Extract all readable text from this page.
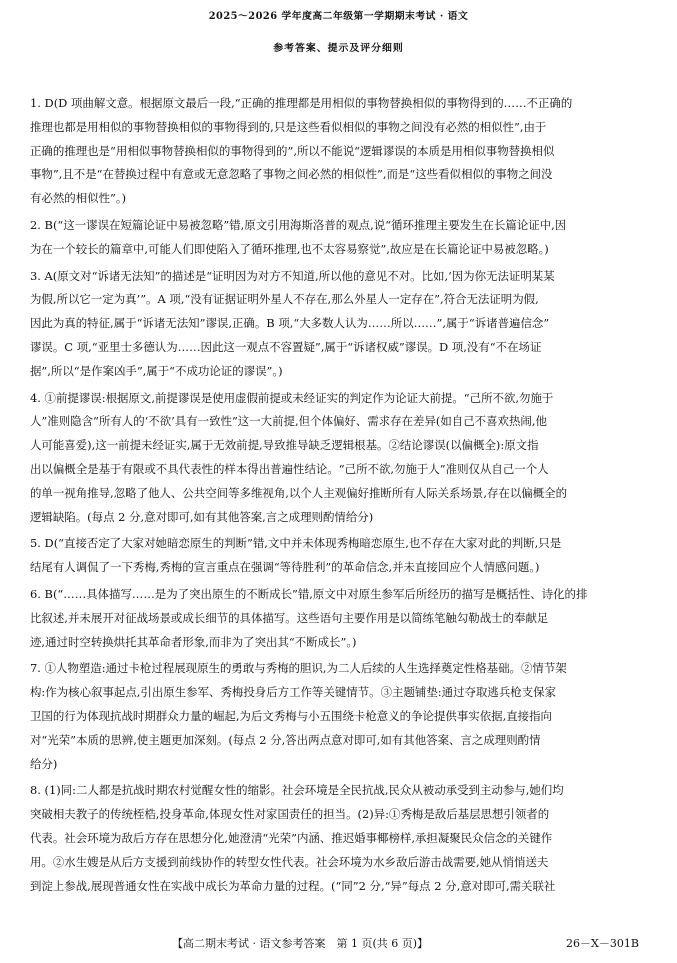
2025～2026 学年度高二年级第一学期期末考试 · 语文
参考答案、提示及评分细则
1. D(D 项曲解文意。根据原文最后一段,“正确的推理都是用相似的事物替换相似的事物得到的……不正确的
推理也都是用相似的事物替换相似的事物得到的,只是这些看似相似的事物之间没有必然的相似性”,由于
正确的推理也是“用相似事物替换相似的事物得到的”,所以不能说“逻辑谬误的本质是用相似事物替换相似
事物”,且不是“在替换过程中有意或无意忽略了事物之间必然的相似性”,而是“这些看似相似的事物之间没
有必然的相似性”。)
2. B(“这一谬误在短篇论证中易被忽略”错,原文引用海斯洛普的观点,说“循环推理主要发生在长篇论证中,因
为在一个较长的篇章中,可能人们即使陷入了循环推理,也不太容易察觉”,故应是在长篇论证中易被忽略。)
3. A(原文对“诉诸无法知”的描述是“证明因为对方不知道,所以他的意见不对。比如,‘因为你无法证明某某
为假,所以它一定为真’”。A 项,“没有证据证明外星人不存在,那么外星人一定存在”,符合无法证明为假,
因此为真的特征,属于“诉诸无法知”谬误,正确。B 项,“大多数人认为……所以……”,属于“诉诸普遍信念”
谬误。C 项,“亚里士多德认为……因此这一观点不容置疑”,属于“诉诸权威”谬误。D 项,没有“不在场证
据”,所以“是作案凶手”,属于“不成功论证的谬误”。)
4. ①前提谬误:根据原文,前提谬误是使用虚假前提或未经证实的判定作为论证大前提。“己所不欲,勿施于
人”准则隐含“所有人的‘不欲’具有一致性”这一大前提,但个体偏好、需求存在差异(如自己不喜欢热闹,他
人可能喜爱),这一前提未经证实,属于无效前提,导致推导缺乏逻辑根基。②结论谬误(以偏概全):原文指
出以偏概全是基于有限或不具代表性的样本得出普遍性结论。“己所不欲,勿施于人”准则仅从自己一个人
的单一视角推导,忽略了他人、公共空间等多维视角,以个人主观偏好推断所有人际关系场景,存在以偏概全的
逻辑缺陷。(每点 2 分,意对即可,如有其他答案,言之成理则酌情给分)
5. D(“直接否定了大家对她暗恋原生的判断”错,文中并未体现秀梅暗恋原生,也不存在大家对此的判断,只是
结尾有人调侃了一下秀梅,秀梅的宣言重点在强调“等待胜利”的革命信念,并未直接回应个人情感问题。)
6. B(“……具体描写……是为了突出原生的不断成长”错,原文中对原生参军后所经历的描写是概括性、诗化的排
比叙述,并未展开对征战场景或成长细节的具体描写。这些语句主要作用是以简练笔触勾勒战士的奉献足
迹,通过时空转换烘托其革命者形象,而非为了突出其“不断成长”。)
7. ①人物塑造:通过卡枪过程展现原生的勇敢与秀梅的胆识,为二人后续的人生选择奠定性格基础。②情节架
构:作为核心叙事起点,引出原生参军、秀梅投身后方工作等关键情节。③主题铺垫:通过夺取逃兵枪支保家
卫国的行为体现抗战时期群众力量的崛起,为后文秀梅与小五围绕卡枪意义的争论提供事实依据,直接指向
对“光荣”本质的思辨,使主题更加深刻。(每点 2 分,答出两点意对即可,如有其他答案、言之成理则酌情
给分)
8. (1)同:二人都是抗战时期农村觉醒女性的缩影。社会环境是全民抗战,民众从被动承受到主动参与,她们均
突破相夫教子的传统桎梏,投身革命,体现女性对家国责任的担当。(2)异:①秀梅是敌后基层思想引领者的
代表。社会环境为敌后方存在思想分化,她澄清“光荣”内涵、推迟婚事椰榜样,承担凝聚民众信念的关键作
用。②水生嫂是从后方支援到前线协作的转型女性代表。社会环境为水乡敌后游击战需要,她从悄悄送夫
到淀上参战,展现普通女性在实战中成长为革命力量的过程。(“同”2 分,“异”每点 2 分,意对即可,需关联社
【高二期末考试 · 语文参考答案　第 1 页(共 6 页)】	26－X－301B
